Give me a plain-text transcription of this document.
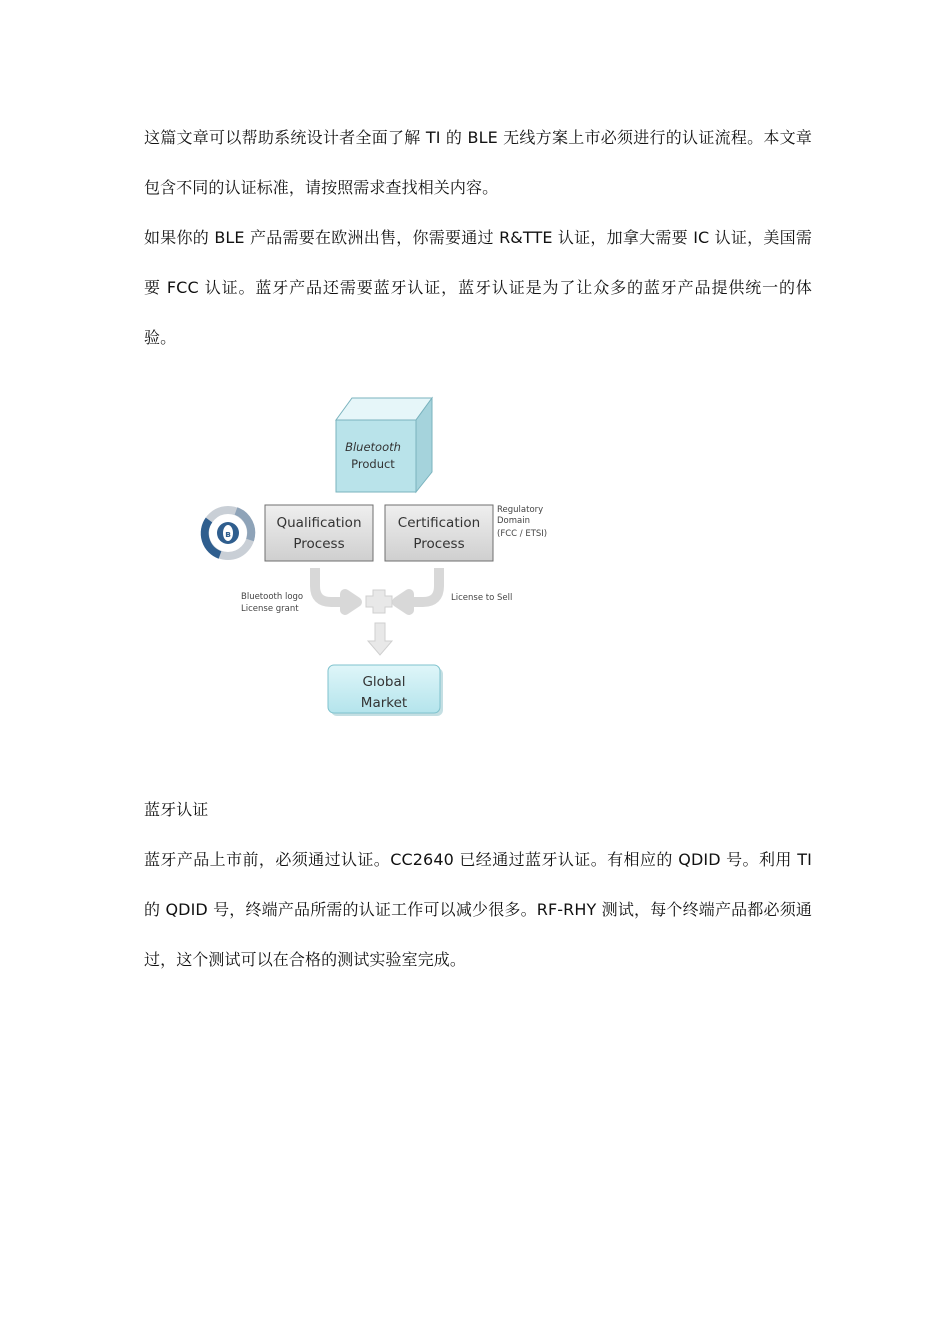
这篇文章可以帮助系统设计者全面了解 TI 的 BLE 无线方案上市必须进行的认证流程。本文章包含不同的认证标准，请按照需求查找相关内容。

如果你的 BLE 产品需要在欧洲出售，你需要通过 R&TTE 认证，加拿大需要 IC 认证，美国需要 FCC 认证。蓝牙产品还需要蓝牙认证，蓝牙认证是为了让众多的蓝牙产品提供统一的体验。

Bluetooth
Product
ʙ
Qualification
Process
Certification
Process
Regulatory
Domain
(FCC / ETSI)
Bluetooth logo
License grant
License to Sell
Global
Market

蓝牙认证

蓝牙产品上市前，必须通过认证。CC2640 已经通过蓝牙认证。有相应的 QDID 号。利用 TI 的 QDID 号，终端产品所需的认证工作可以减少很多。RF-RHY 测试，每个终端产品都必须通过，这个测试可以在合格的测试实验室完成。
